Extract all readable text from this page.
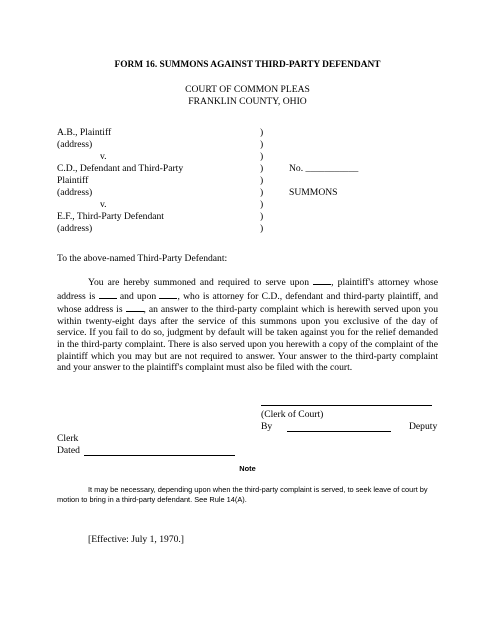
FORM 16. SUMMONS AGAINST THIRD-PARTY DEFENDANT
COURT OF COMMON PLEAS
FRANKLIN COUNTY, OHIO
A.B., Plaintiff	)
(address)	)
v.	)
C.D., Defendant and Third-Party	)	No. ___________
Plaintiff	)
(address)	)	SUMMONS
v.	)
E.F., Third-Party Defendant	)
(address)	)
To the above-named Third-Party Defendant:
You are hereby summoned and required to serve upon , plaintiff's attorney whose address is	and upon , who is attorney for C.D., defendant and third-party plaintiff, and whose address is , an answer to the third-party complaint which is herewith served upon you within twenty-eight days after the service of this summons upon you exclusive of the day of service. If you fail to do so, judgment by default will be taken against you for the relief demanded in the third-party complaint. There is also served upon you herewith a copy of the complaint of the plaintiff which you may but are not required to answer. Your answer to the third-party complaint and your answer to the plaintiff's complaint must also be filed with the court.
(Clerk of Court)
By	Deputy
Clerk
Dated
Note
It may be necessary, depending upon when the third-party complaint is served, to seek leave of court by motion to bring in a third-party defendant. See Rule 14(A).
[Effective: July 1, 1970.]
